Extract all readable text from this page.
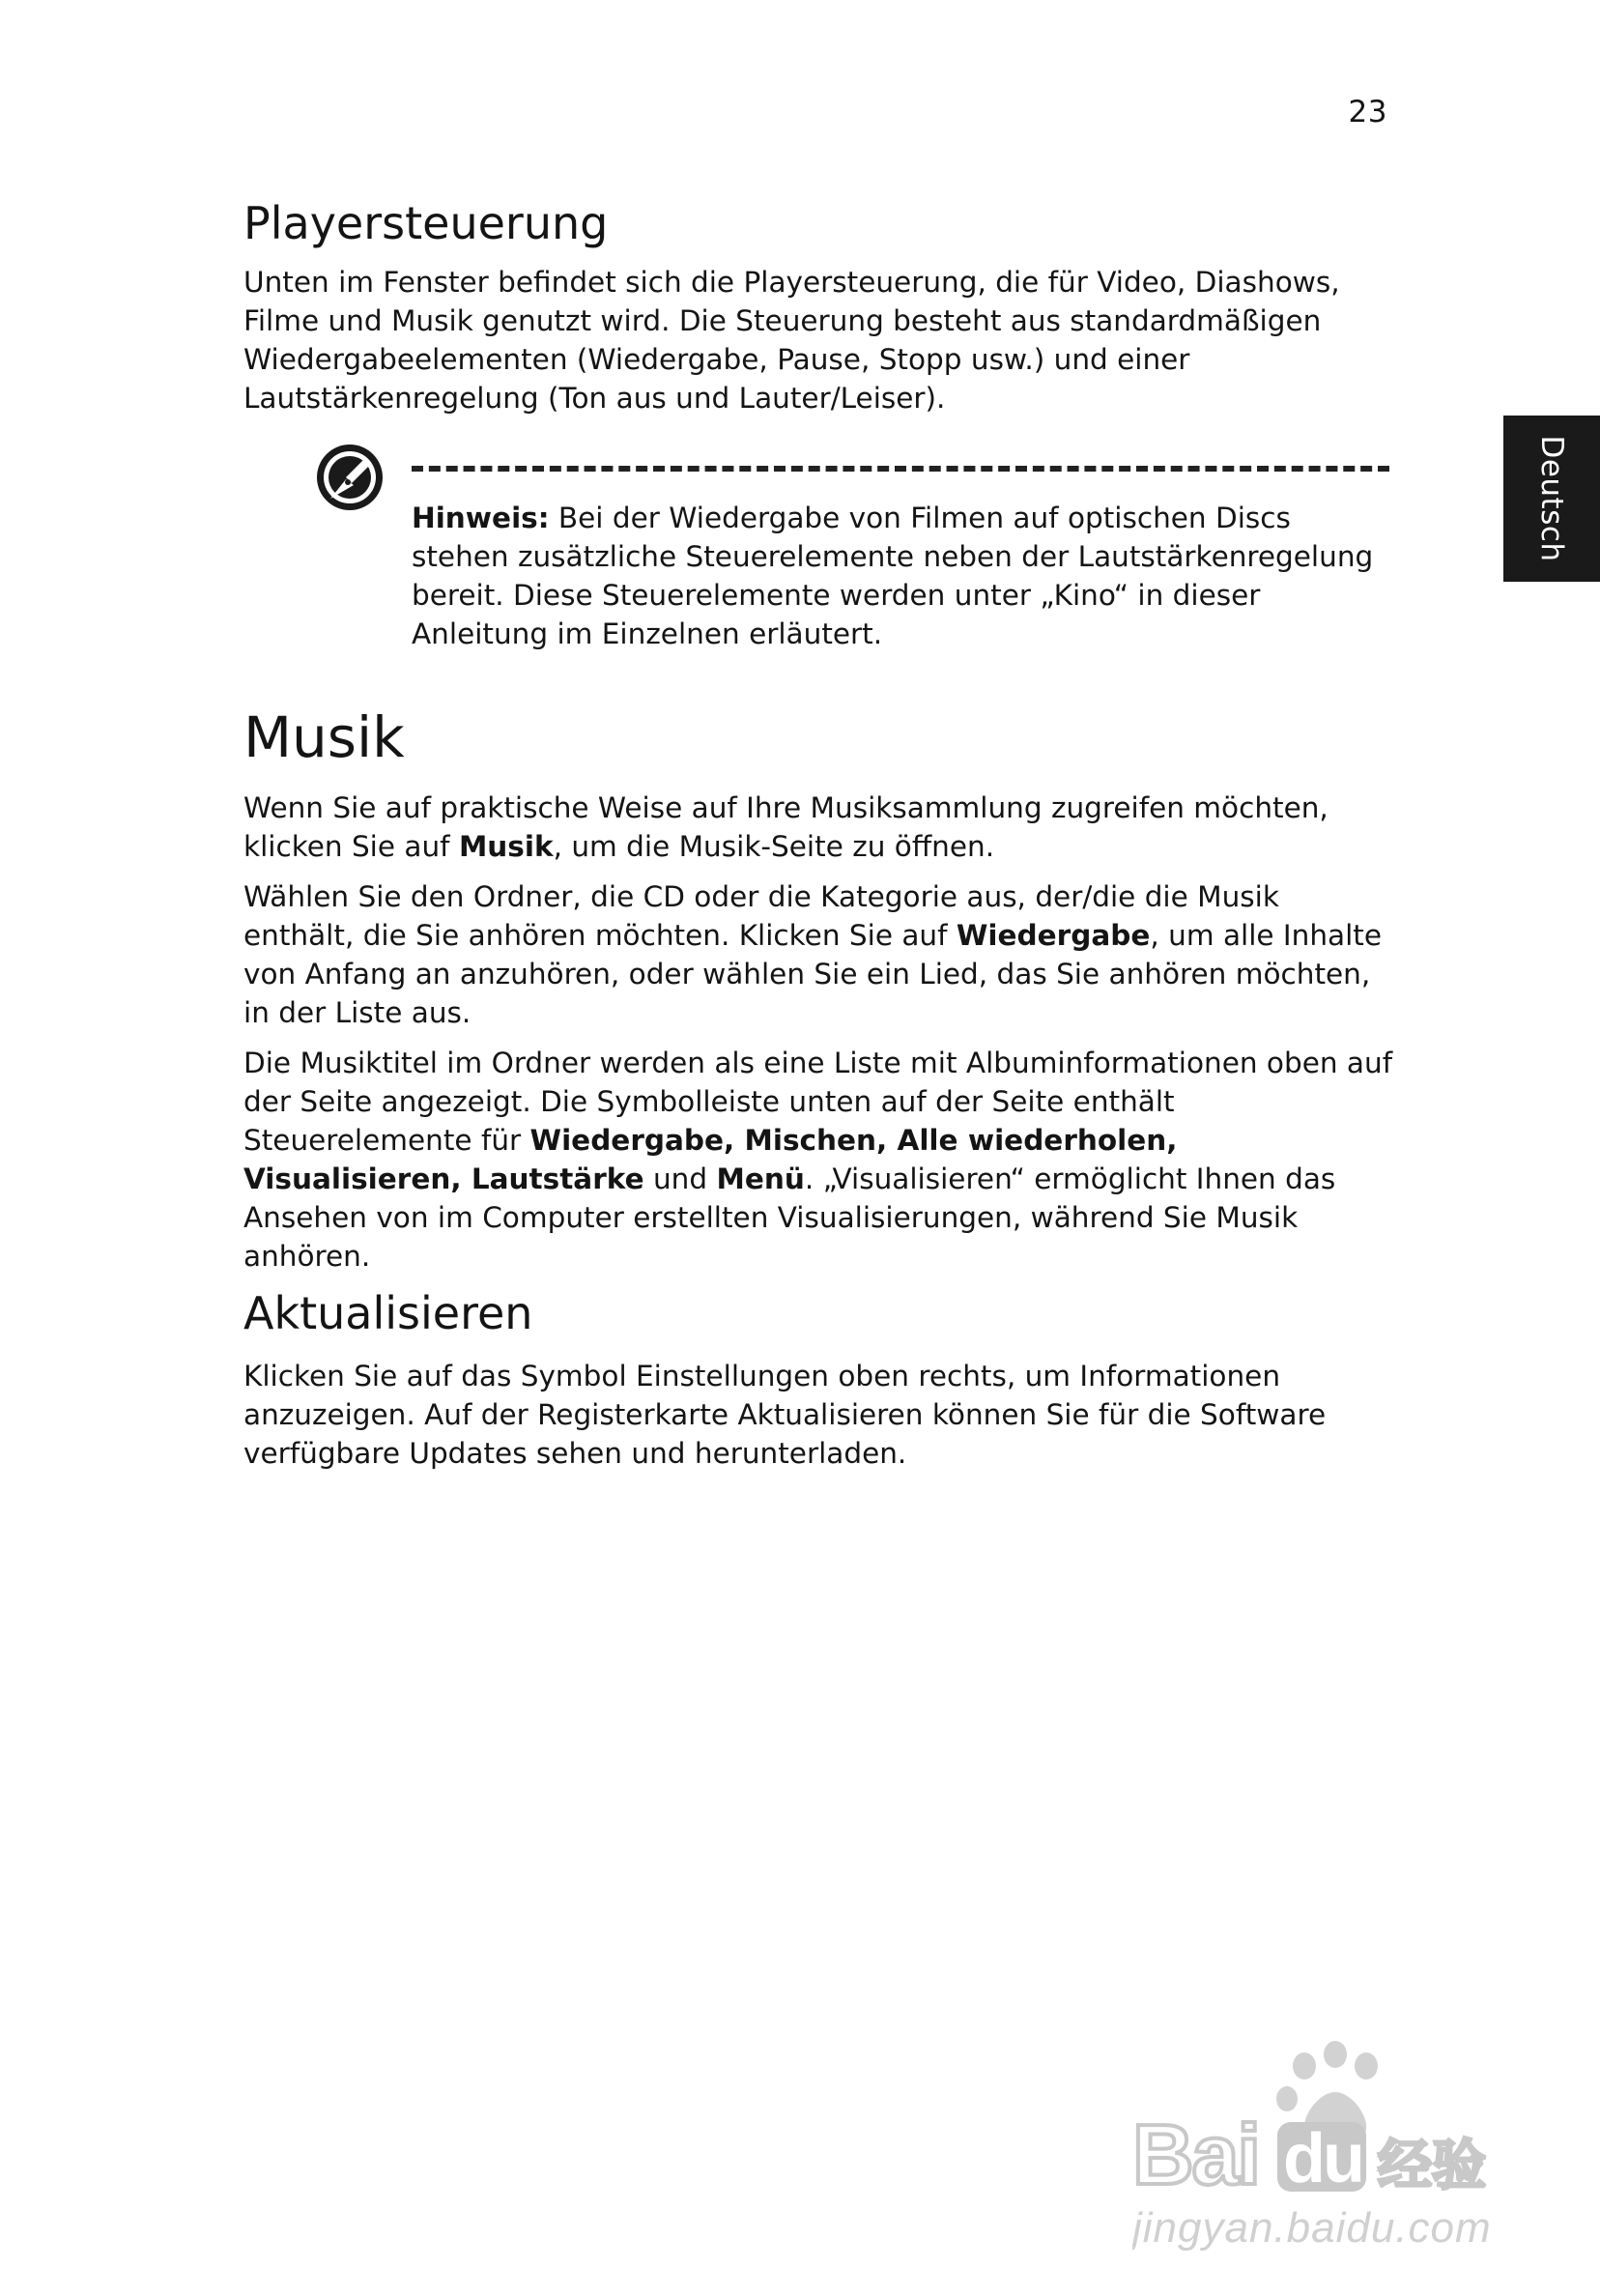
23
Deutsch
Playersteuerung

Unten im Fenster befindet sich die Playersteuerung, die für Video, Diashows, Filme und Musik genutzt wird. Die Steuerung besteht aus standardmäßigen Wiedergabeelementen (Wiedergabe, Pause, Stopp usw.) und einer Lautstärkenregelung (Ton aus und Lauter/Leiser).

Musik

Wenn Sie auf praktische Weise auf Ihre Musiksammlung zugreifen möchten, klicken Sie auf Musik, um die Musik-Seite zu öffnen.

Wählen Sie den Ordner, die CD oder die Kategorie aus, der/die die Musik enthält, die Sie anhören möchten. Klicken Sie auf Wiedergabe, um alle Inhalte von Anfang an anzuhören, oder wählen Sie ein Lied, das Sie anhören möchten, in der Liste aus.

Die Musiktitel im Ordner werden als eine Liste mit Albuminformationen oben auf der Seite angezeigt. Die Symbolleiste unten auf der Seite enthält Steuerelemente für Wiedergabe, Mischen, Alle wiederholen, Visualisieren, Lautstärke und Menü. „Visualisieren“ ermöglicht Ihnen das Ansehen von im Computer erstellten Visualisierungen, während Sie Musik anhören.

Aktualisieren

Klicken Sie auf das Symbol Einstellungen oben rechts, um Informationen anzuzeigen. Auf der Registerkarte Aktualisieren können Sie für die Software verfügbare Updates sehen und herunterladen.

Hinweis: Bei der Wiedergabe von Filmen auf optischen Discs stehen zusätzliche Steuerelemente neben der Lautstärkenregelung bereit. Diese Steuerelemente werden unter „Kino“ in dieser Anleitung im Einzelnen erläutert.
Bai du 经验
jingyan.baidu.com
